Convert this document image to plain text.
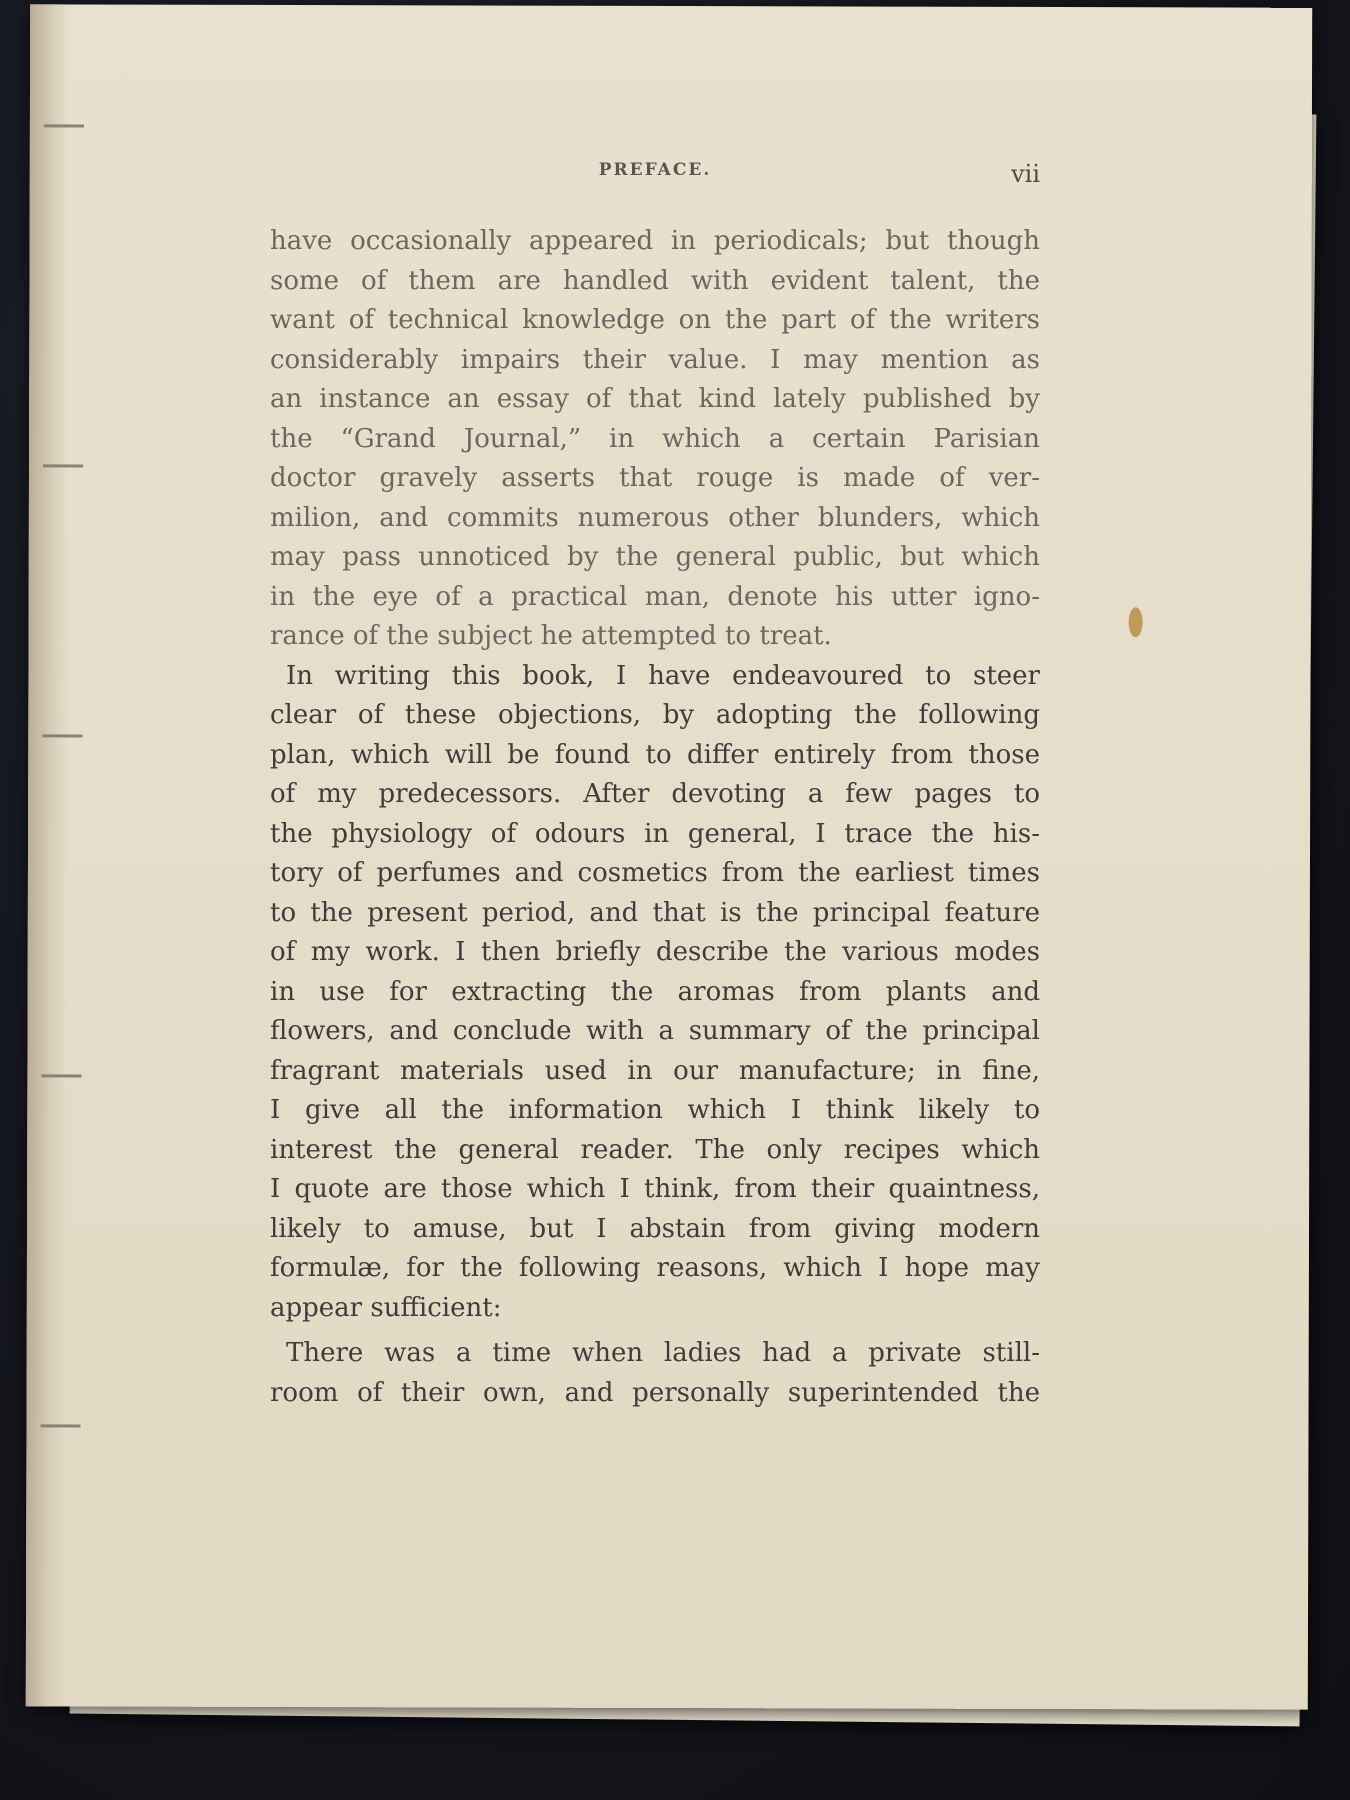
PREFACE.	vii

have occasionally appeared in periodicals; but though
some of them are handled with evident talent, the
want of technical knowledge on the part of the writers
considerably impairs their value. I may mention as
an instance an essay of that kind lately published by
the “Grand Journal,” in which a certain Parisian
doctor gravely asserts that rouge is made of ver-
milion, and commits numerous other blunders, which
may pass unnoticed by the general public, but which
in the eye of a practical man, denote his utter igno-
rance of the subject he attempted to treat.

In writing this book, I have endeavoured to steer
clear of these objections, by adopting the following
plan, which will be found to differ entirely from those
of my predecessors. After devoting a few pages to
the physiology of odours in general, I trace the his-
tory of perfumes and cosmetics from the earliest times
to the present period, and that is the principal feature
of my work. I then briefly describe the various modes
in use for extracting the aromas from plants and
flowers, and conclude with a summary of the principal
fragrant materials used in our manufacture; in fine,
I give all the information which I think likely to
interest the general reader. The only recipes which
I quote are those which I think, from their quaintness,
likely to amuse, but I abstain from giving modern
formulæ, for the following reasons, which I hope may
appear sufficient:

There was a time when ladies had a private still-
room of their own, and personally superintended the
